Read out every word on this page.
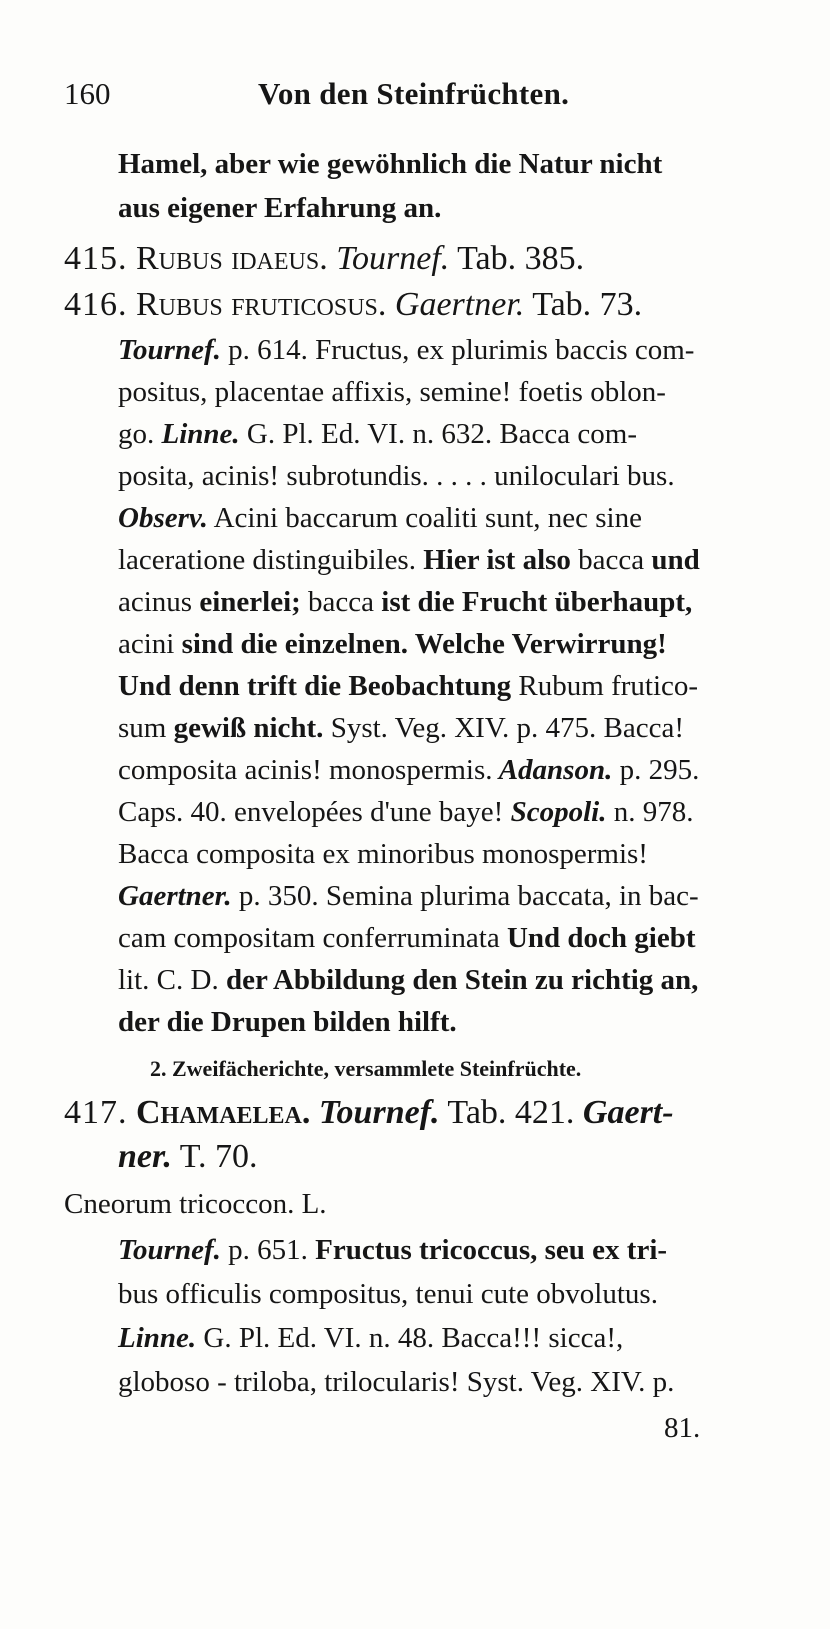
160	Von den Steinfrüchten.
Hamel, aber wie gewöhnlich die Natur nicht
aus eigener Erfahrung an.
415. Rubus idaeus. Tournef. Tab. 385.
416. Rubus fruticosus. Gaertner. Tab. 73.
Tournef. p. 614. Fructus, ex plurimis baccis com-
positus, placentae affixis, semine! foetis oblon-
go. Linne. G. Pl. Ed. VI. n. 632. Bacca com-
posita, acinis! subrotundis. . . . . uniloculari bus.
Observ. Acini baccarum coaliti sunt, nec sine
laceratione distinguibiles. Hier ist also bacca und
acinus einerlei; bacca ist die Frucht überhaupt,
acini sind die einzelnen. Welche Verwirrung!
Und denn trift die Beobachtung Rubum frutico-
sum gewiß nicht. Syst. Veg. XIV. p. 475. Bacca!
composita acinis! monospermis. Adanson. p. 295.
Caps. 40. envelopées d'une baye! Scopoli. n. 978.
Bacca composita ex minoribus monospermis!
Gaertner. p. 350. Semina plurima baccata, in bac-
cam compositam conferruminata Und doch giebt
lit. C. D. der Abbildung den Stein zu richtig an,
der die Drupen bilden hilft.
2. Zweifächerichte, versammlete Steinfrüchte.
417. Chamaelea. Tournef. Tab. 421. Gaert-
ner. T. 70.
Cneorum tricoccon. L.
Tournef. p. 651. Fructus tricoccus, seu ex tri-
bus officulis compositus, tenui cute obvolutus.
Linne. G. Pl. Ed. VI. n. 48. Bacca!!! sicca!,
globoso - triloba, trilocularis! Syst. Veg. XIV. p.
81.
